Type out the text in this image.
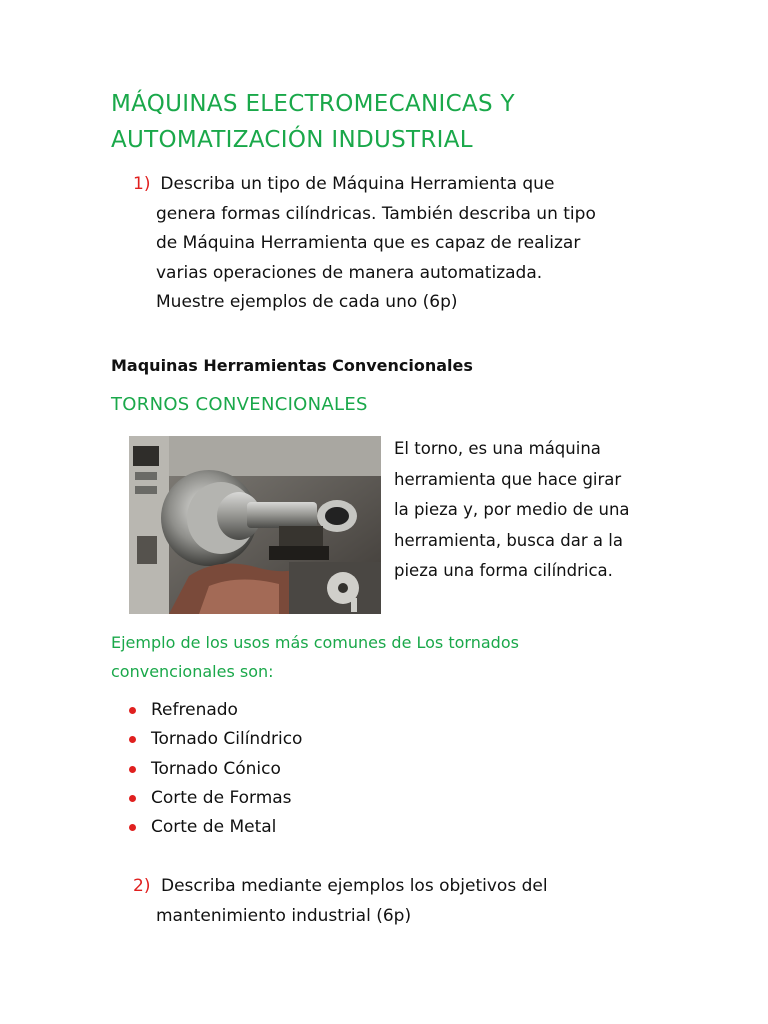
MÁQUINAS ELECTROMECANICAS Y
AUTOMATIZACIÓN INDUSTRIAL
1) Describa un tipo de Máquina Herramienta que
genera formas cilíndricas. También describa un tipo
de Máquina Herramienta que es capaz de realizar
varias operaciones de manera automatizada.
Muestre ejemplos de cada uno (6p)
Maquinas Herramientas Convencionales
TORNOS CONVENCIONALES
El torno, es una máquina
herramienta que hace girar
la pieza y, por medio de una
herramienta, busca dar a la
pieza una forma cilíndrica.
Ejemplo de los usos más comunes de Los tornados
convencionales son:
Refrenado
Tornado Cilíndrico
Tornado Cónico
Corte de Formas
Corte de Metal
2) Describa mediante ejemplos los objetivos del
mantenimiento industrial (6p)
